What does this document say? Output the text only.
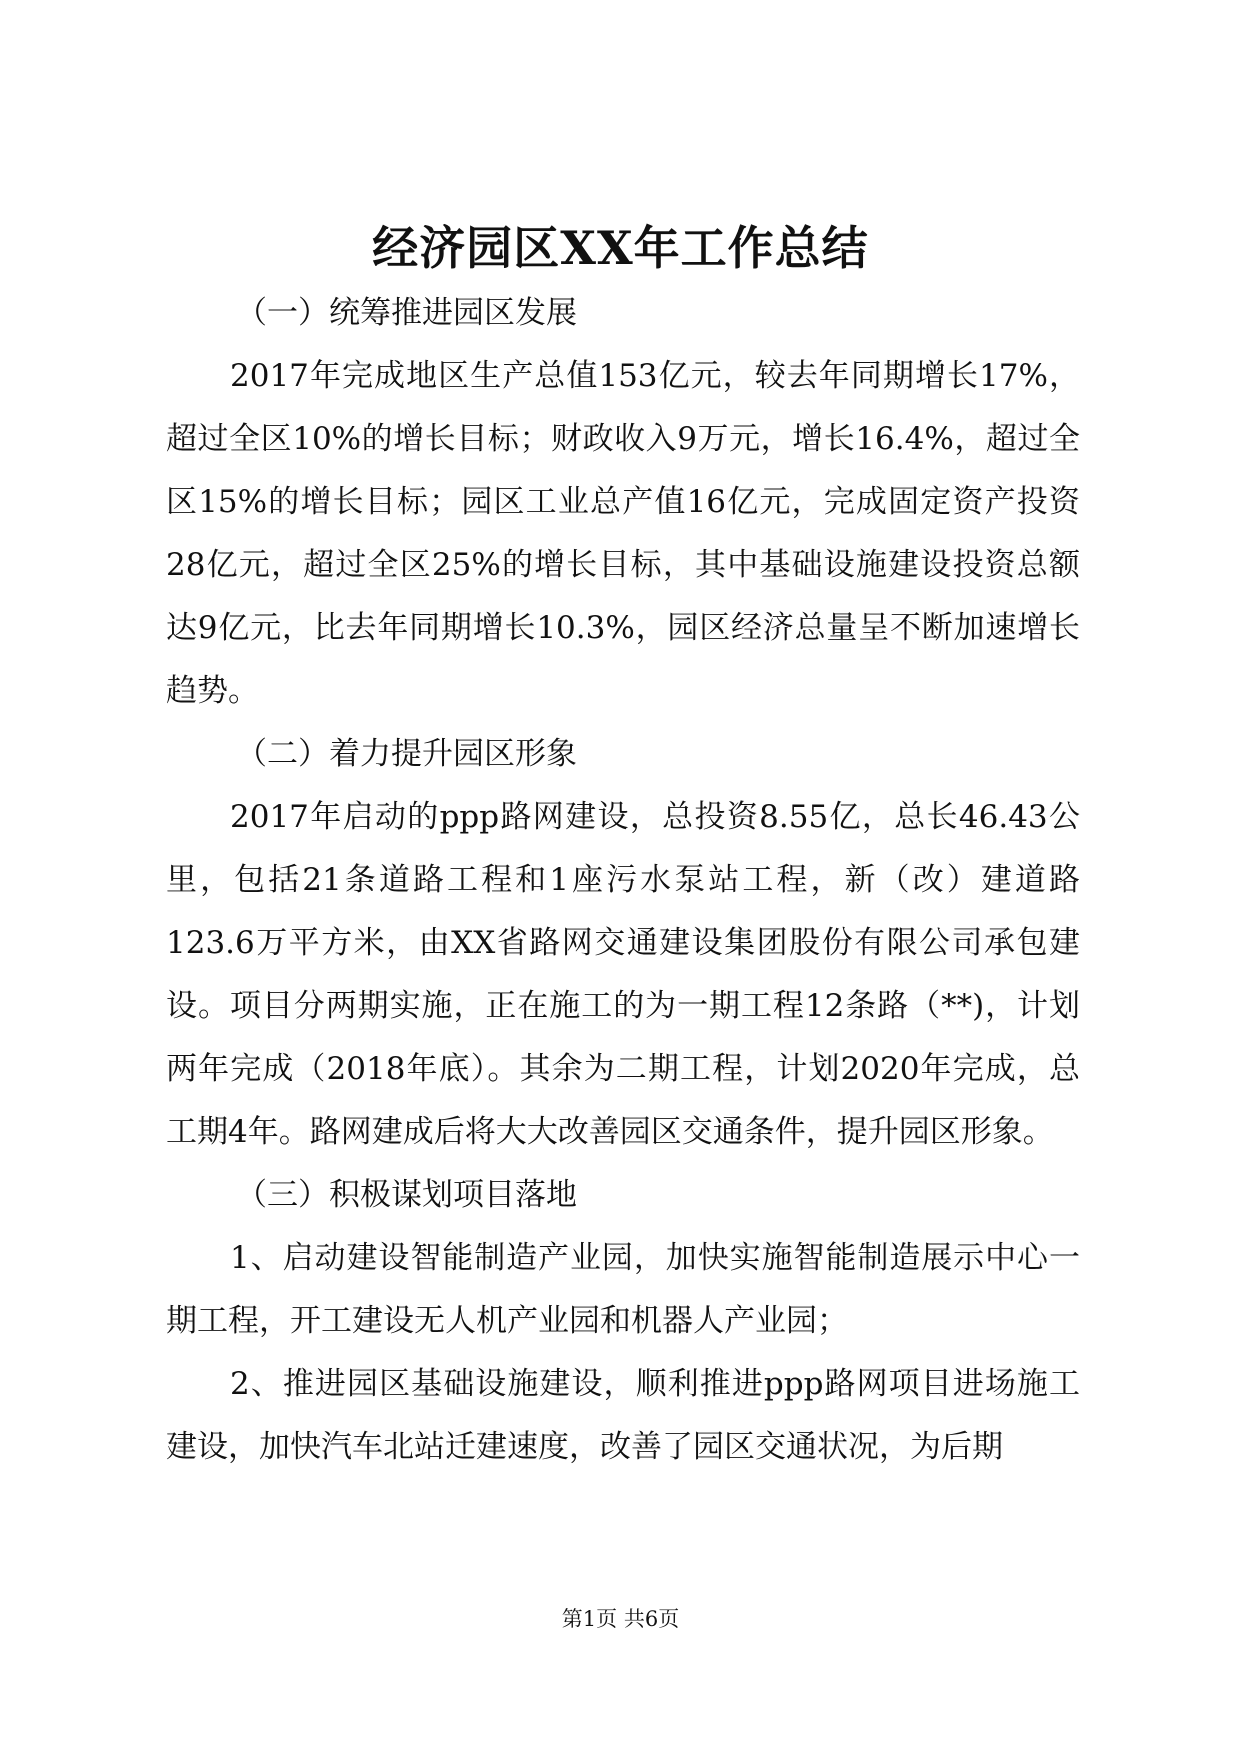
经济园区XX年工作总结
（一）统筹推进园区发展

2017年完成地区生产总值153亿元，较去年同期增长17%，超过全区10%的增长目标；财政收入9万元，增长16.4%，超过全区15%的增长目标；园区工业总产值16亿元，完成固定资产投资28亿元，超过全区25%的增长目标，其中基础设施建设投资总额达9亿元，比去年同期增长10.3%，园区经济总量呈不断加速增长趋势。

（二）着力提升园区形象

2017年启动的ppp路网建设，总投资8.55亿，总长46.43公里，包括21条道路工程和1座污水泵站工程，新（改）建道路123.6万平方米，由XX省路网交通建设集团股份有限公司承包建设。项目分两期实施，正在施工的为一期工程12条路（**)，计划两年完成（2018年底）。其余为二期工程，计划2020年完成，总工期4年。路网建成后将大大改善园区交通条件，提升园区形象。

（三）积极谋划项目落地

1、启动建设智能制造产业园，加快实施智能制造展示中心一期工程，开工建设无人机产业园和机器人产业园；

2、推进园区基础设施建设，顺利推进ppp路网项目进场施工建设，加快汽车北站迁建速度，改善了园区交通状况，为后期

第1页 共6页
